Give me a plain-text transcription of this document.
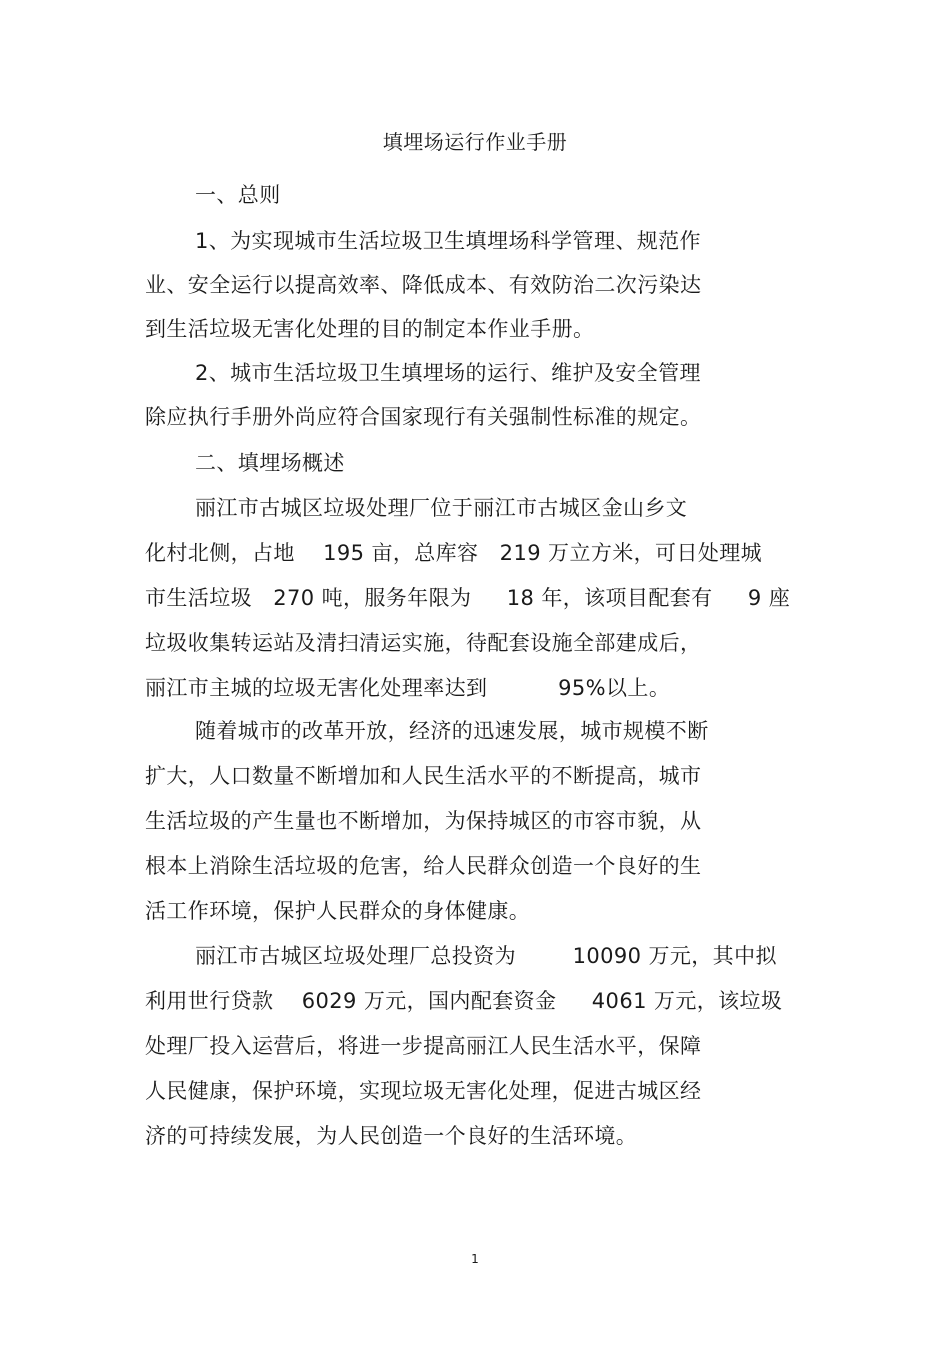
填埋场运行作业手册
一、总则
1、为实现城市生活垃圾卫生填埋场科学管理、规范作
业、安全运行以提高效率、降低成本、有效防治二次污染达
到生活垃圾无害化处理的目的制定本作业手册。
2、城市生活垃圾卫生填埋场的运行、维护及安全管理
除应执行手册外尚应符合国家现行有关强制性标准的规定。
二、填埋场概述
丽江市古城区垃圾处理厂位于丽江市古城区金山乡文
化村北侧，占地    195 亩，总库容   219 万立方米，可日处理城
市生活垃圾   270 吨，服务年限为     18 年，该项目配套有     9 座
垃圾收集转运站及清扫清运实施，待配套设施全部建成后，
丽江市主城的垃圾无害化处理率达到          95%以上。
随着城市的改革开放，经济的迅速发展，城市规模不断
扩大，人口数量不断增加和人民生活水平的不断提高，城市
生活垃圾的产生量也不断增加，为保持城区的市容市貌，从
根本上消除生活垃圾的危害，给人民群众创造一个良好的生
活工作环境，保护人民群众的身体健康。
丽江市古城区垃圾处理厂总投资为        10090 万元，其中拟
利用世行贷款    6029 万元，国内配套资金     4061 万元，该垃圾
处理厂投入运营后，将进一步提高丽江人民生活水平，保障
人民健康，保护环境，实现垃圾无害化处理，促进古城区经
济的可持续发展，为人民创造一个良好的生活环境。
1
